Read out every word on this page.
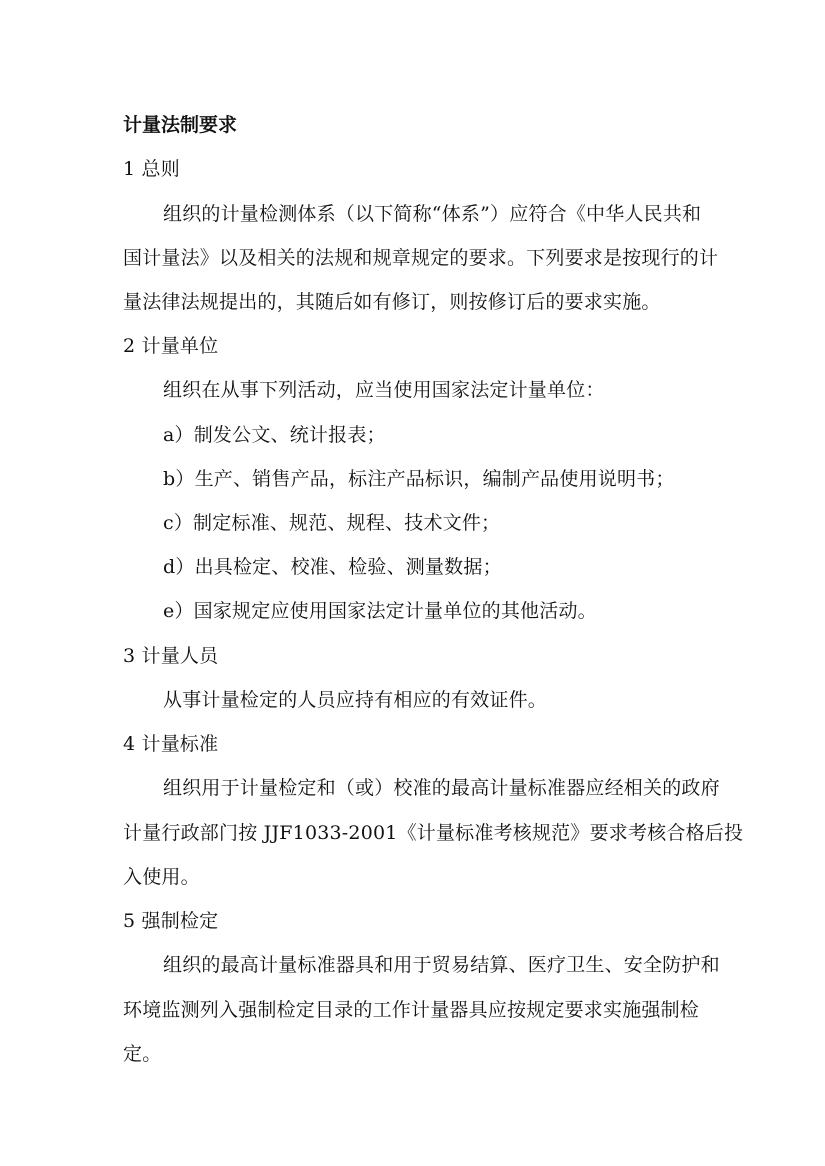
计量法制要求

1 总则

组织的计量检测体系（以下简称“体系”）应符合《中华人民共和

国计量法》以及相关的法规和规章规定的要求。下列要求是按现行的计

量法律法规提出的，其随后如有修订，则按修订后的要求实施。

2 计量单位

组织在从事下列活动，应当使用国家法定计量单位：

a）制发公文、统计报表；

b）生产、销售产品，标注产品标识，编制产品使用说明书；

c）制定标准、规范、规程、技术文件；

d）出具检定、校准、检验、测量数据；

e）国家规定应使用国家法定计量单位的其他活动。

3 计量人员

从事计量检定的人员应持有相应的有效证件。

4 计量标准

组织用于计量检定和（或）校准的最高计量标准器应经相关的政府

计量行政部门按 JJF1033-2001《计量标准考核规范》要求考核合格后投

入使用。

5 强制检定

组织的最高计量标准器具和用于贸易结算、医疗卫生、安全防护和

环境监测列入强制检定目录的工作计量器具应按规定要求实施强制检

定。
